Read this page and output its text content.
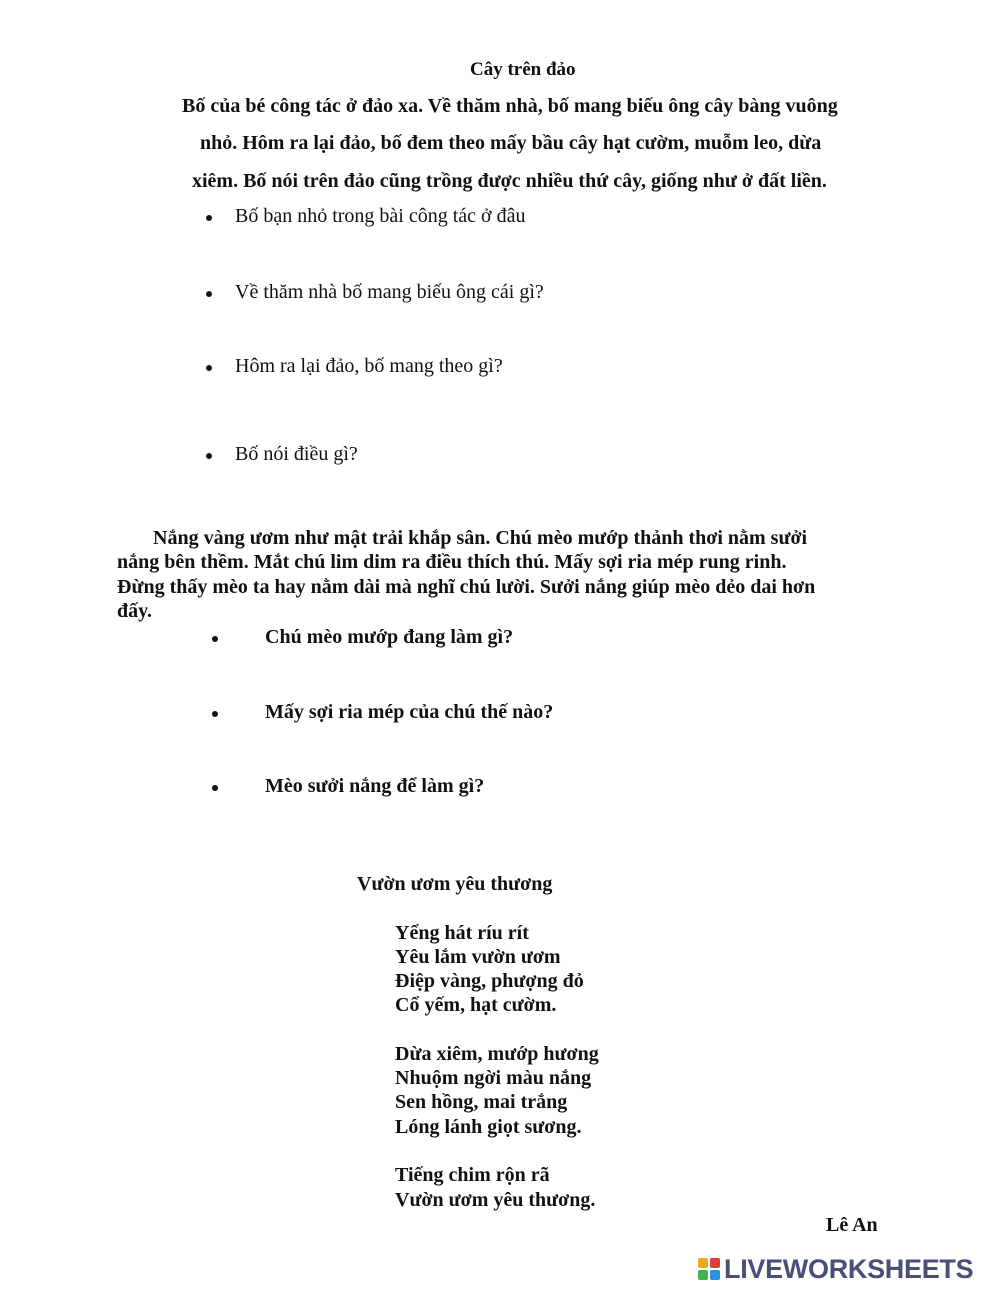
Cây trên đảo
Bố của bé công tác ở đảo xa. Về thăm nhà, bố mang biếu ông cây bàng vuông
nhỏ. Hôm ra lại đảo, bố đem theo mấy bầu cây hạt cườm, muỗm leo, dừa
xiêm. Bố nói trên đảo cũng trồng được nhiều thứ cây, giống như ở đất liền.
Bố bạn nhỏ trong bài công tác ở đâu
Về thăm nhà bố mang biếu ông cái gì?
Hôm ra lại đảo, bố mang theo gì?
Bố nói điều gì?
Nắng vàng ươm như mật trải khắp sân. Chú mèo mướp thảnh thơi nằm sưởi
nắng bên thềm. Mắt chú lim dim ra điều thích thú. Mấy sợi ria mép rung rinh.
Đừng thấy mèo ta hay nằm dài mà nghĩ chú lười. Sưởi nắng giúp mèo dẻo dai hơn
đấy.
Chú mèo mướp đang làm gì?
Mấy sợi ria mép của chú thế nào?
Mèo sưởi nắng để làm gì?
Vườn ươm yêu thương
Yểng hát ríu rít
Yêu lắm vườn ươm
Điệp vàng, phượng đỏ
Cổ yếm, hạt cườm.
Dừa xiêm, mướp hương
Nhuộm ngời màu nắng
Sen hồng, mai trắng
Lóng lánh giọt sương.
Tiếng chim rộn rã
Vườn ươm yêu thương.
Lê An
LIVEWORKSHEETS
